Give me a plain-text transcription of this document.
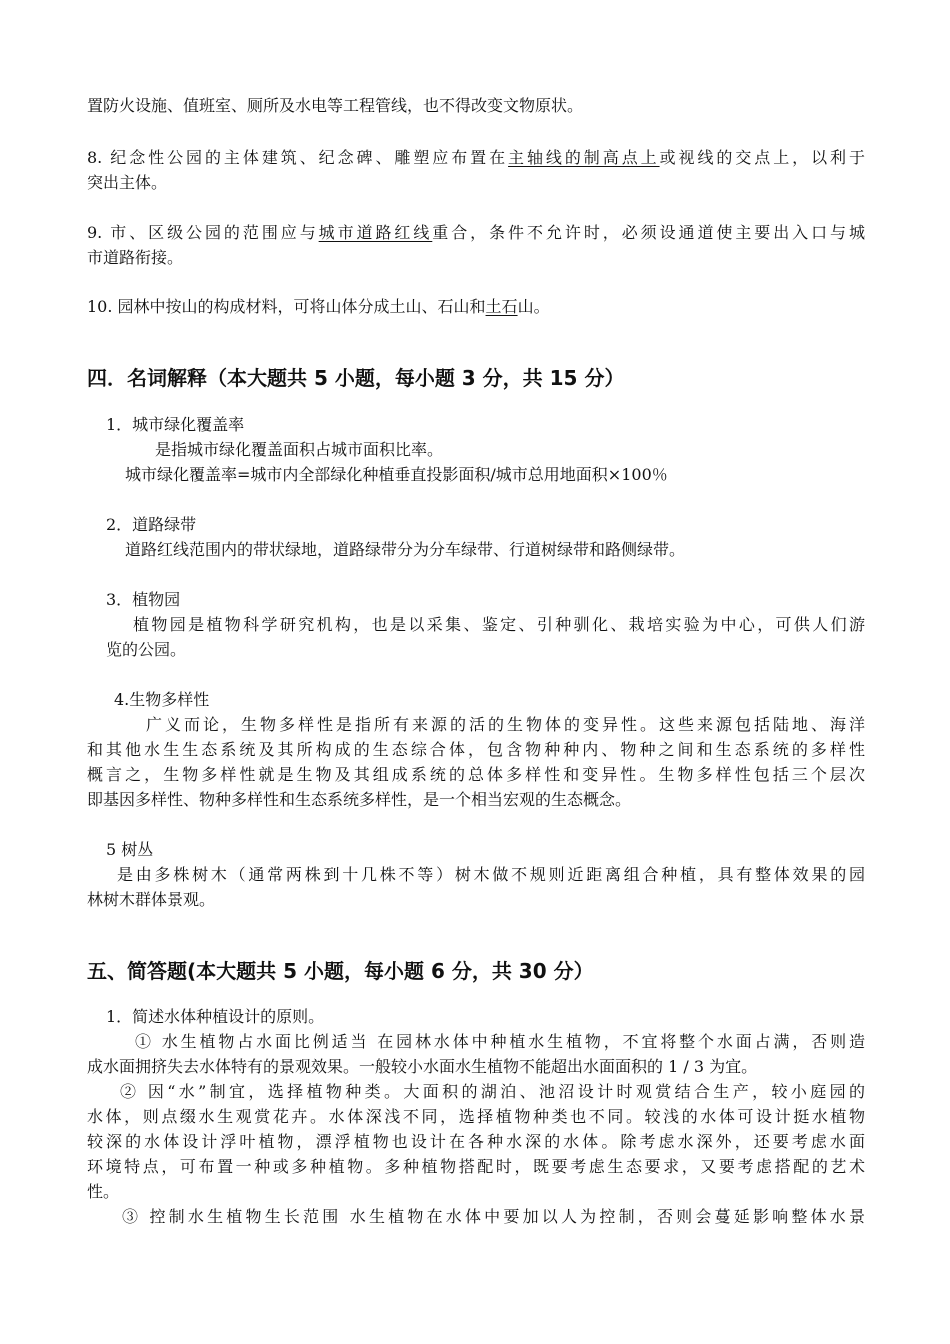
置防火设施、值班室、厕所及水电等工程管线，也不得改变文物原状。
8. 纪念性公园的主体建筑、纪念碑、雕塑应布置在主轴线的制高点上或视线的交点上，以利于
突出主体。
9. 市、区级公园的范围应与城市道路红线重合，条件不允许时，必须设通道使主要出入口与城
市道路衔接。
10. 园林中按山的构成材料，可将山体分成土山、石山和土石山。
四．名词解释（本大题共 5 小题，每小题 3 分，共 15 分）
1．城市绿化覆盖率
是指城市绿化覆盖面积占城市面积比率。
城市绿化覆盖率=城市内全部绿化种植垂直投影面积/城市总用地面积×100％
2．道路绿带
道路红线范围内的带状绿地，道路绿带分为分车绿带、行道树绿带和路侧绿带。
3．植物园
植物园是植物科学研究机构，也是以采集、鉴定、引种驯化、栽培实验为中心，可供人们游
览的公园。
4.生物多样性
广义而论，生物多样性是指所有来源的活的生物体的变异性。这些来源包括陆地、海洋
和其他水生生态系统及其所构成的生态综合体，包含物种种内、物种之间和生态系统的多样性
概言之，生物多样性就是生物及其组成系统的总体多样性和变异性。生物多样性包括三个层次
即基因多样性、物种多样性和生态系统多样性，是一个相当宏观的生态概念。
5 树丛
是由多株树木（通常两株到十几株不等）树木做不规则近距离组合种植，具有整体效果的园
林树木群体景观。
五、简答题(本大题共 5 小题，每小题 6 分，共 30 分）
1．简述水体种植设计的原则。
① 水生植物占水面比例适当 在园林水体中种植水生植物，不宜将整个水面占满，否则造
成水面拥挤失去水体特有的景观效果。一般较小水面水生植物不能超出水面面积的 1 / 3 为宜。
② 因“水”制宜，选择植物种类。大面积的湖泊、池沼设计时观赏结合生产，较小庭园的
水体，则点缀水生观赏花卉。水体深浅不同，选择植物种类也不同。较浅的水体可设计挺水植物
较深的水体设计浮叶植物，漂浮植物也设计在各种水深的水体。除考虑水深外，还要考虑水面
环境特点，可布置一种或多种植物。多种植物搭配时，既要考虑生态要求，又要考虑搭配的艺术
性。
③ 控制水生植物生长范围 水生植物在水体中要加以人为控制，否则会蔓延影响整体水景
